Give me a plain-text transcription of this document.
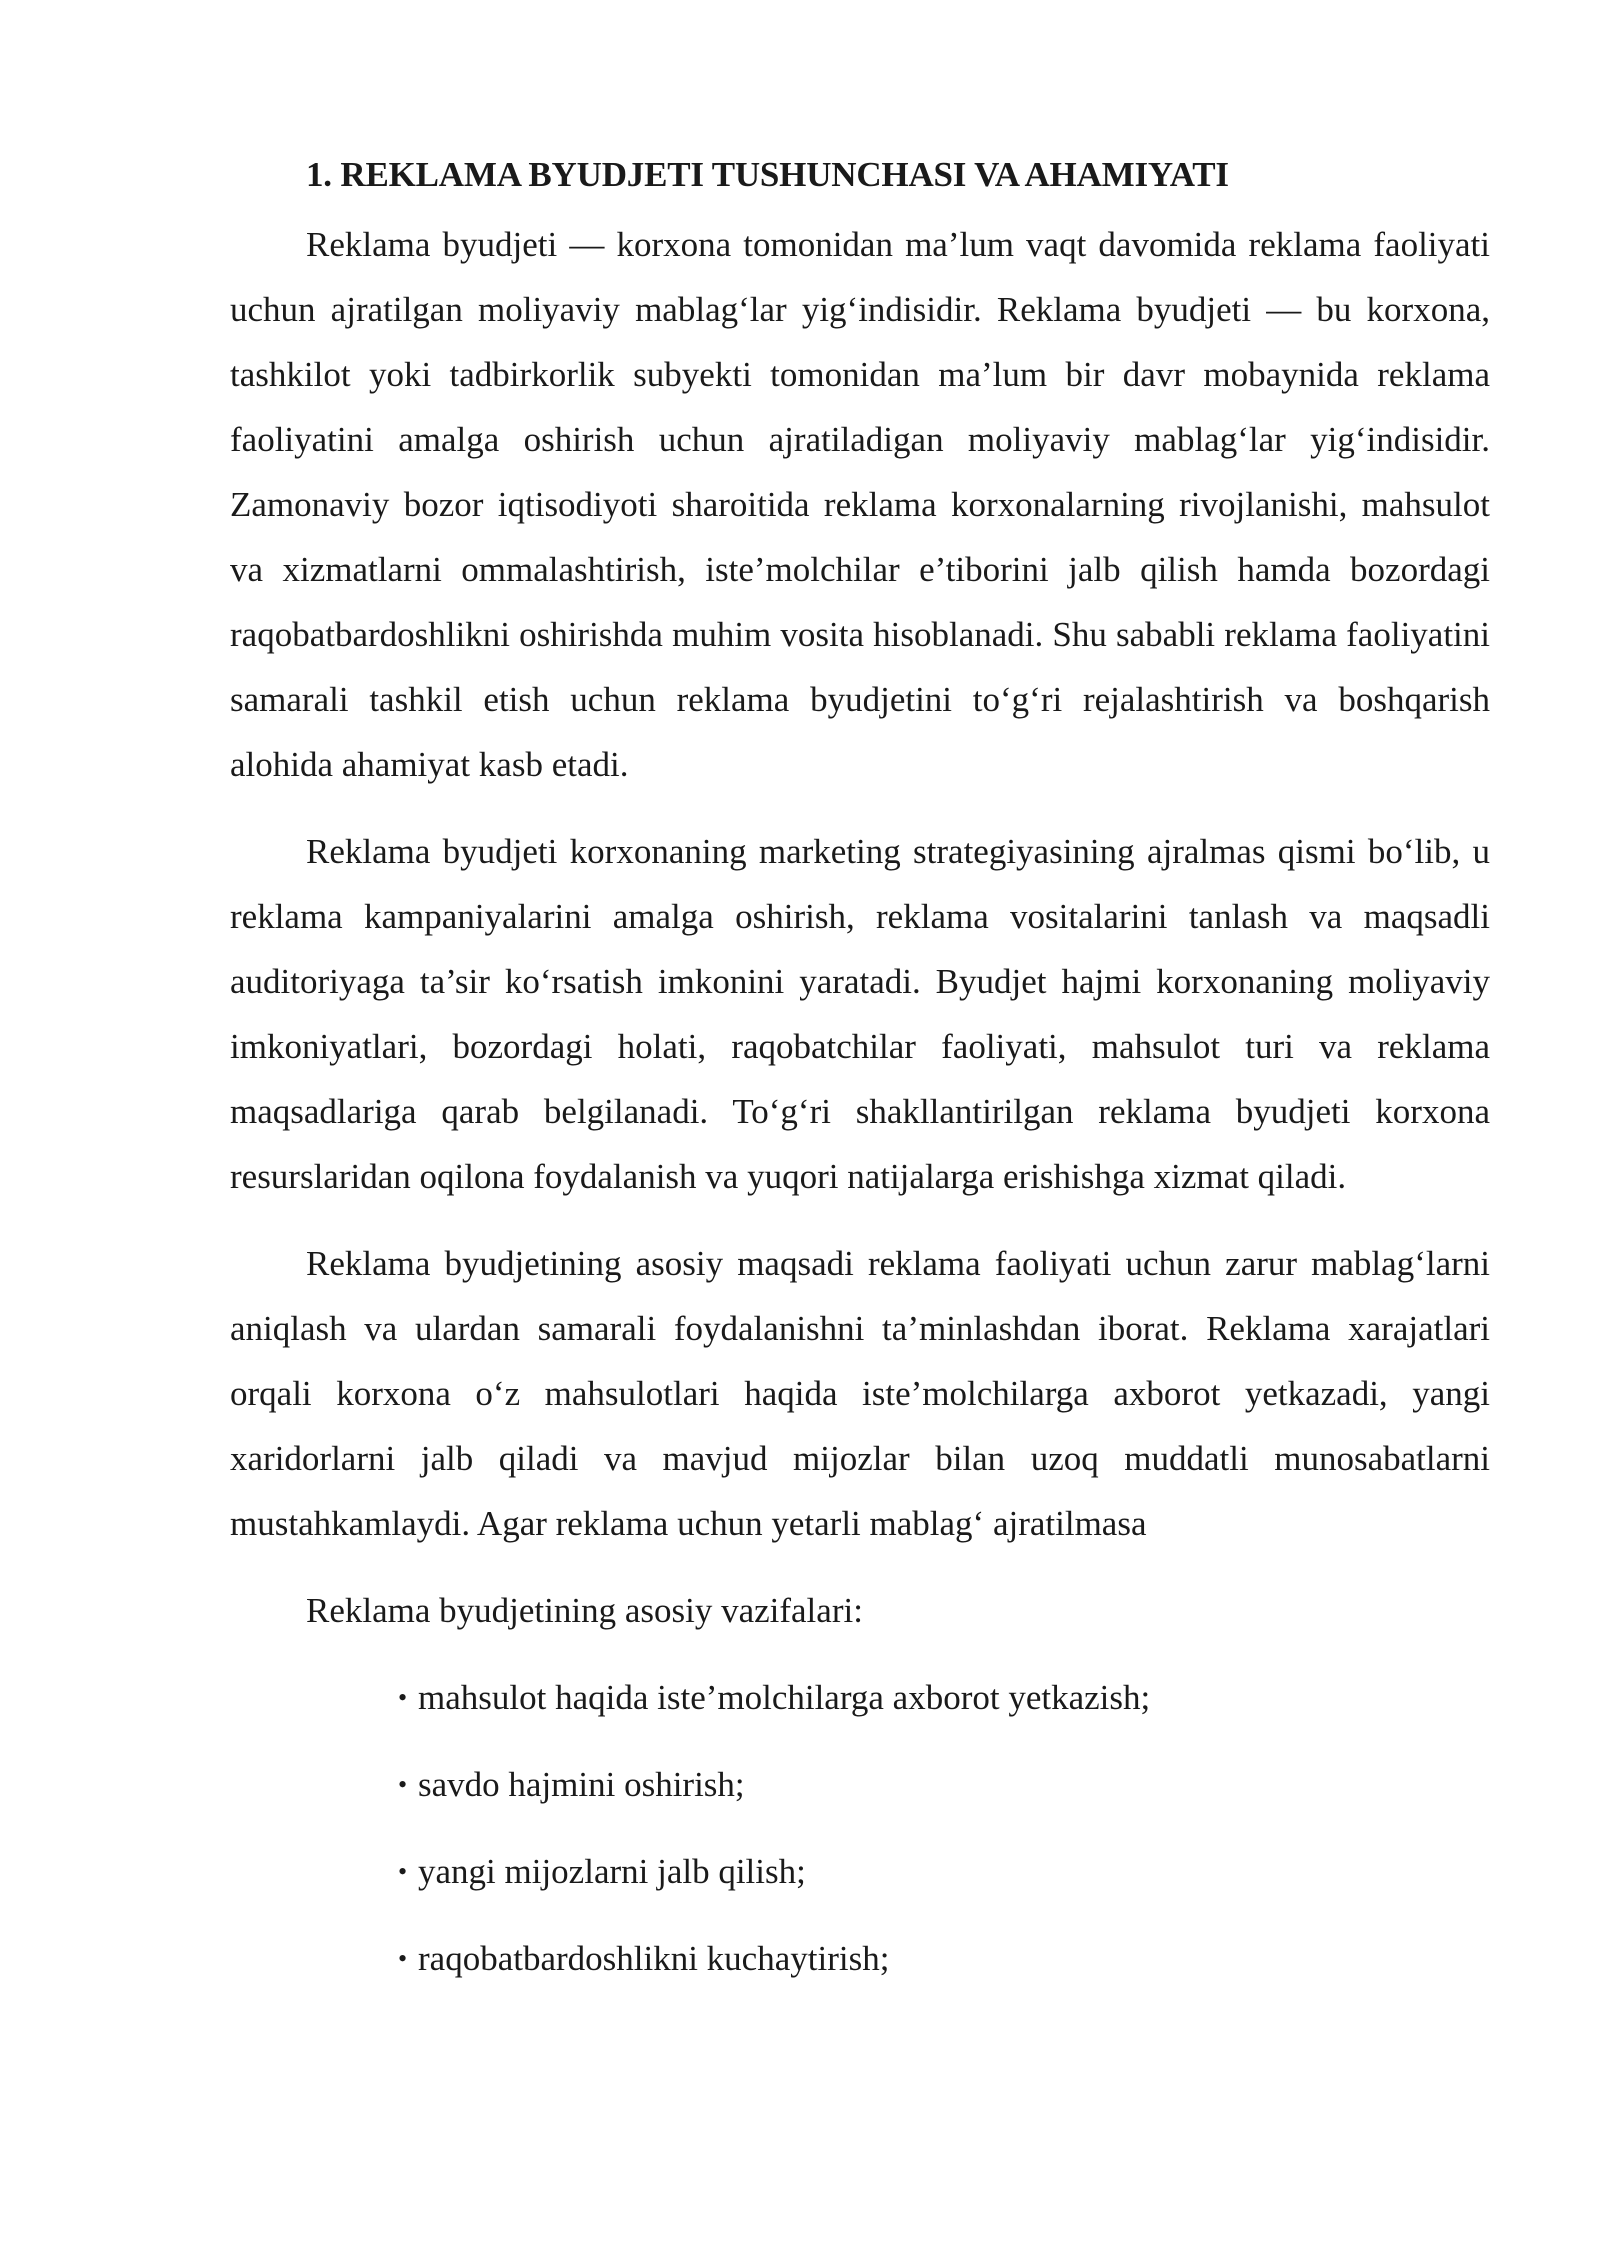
1. REKLAMA BYUDJETI TUSHUNCHASI VA AHAMIYATI

Reklama byudjeti — korxona tomonidan ma’lum vaqt davomida reklama faoliyati uchun ajratilgan moliyaviy mablag‘lar yig‘indisidir. Reklama byudjeti — bu korxona, tashkilot yoki tadbirkorlik subyekti tomonidan ma’lum bir davr mobaynida reklama faoliyatini amalga oshirish uchun ajratiladigan moliyaviy mablag‘lar yig‘indisidir. Zamonaviy bozor iqtisodiyoti sharoitida reklama korxonalarning rivojlanishi, mahsulot va xizmatlarni ommalashtirish, iste’molchilar e’tiborini jalb qilish hamda bozordagi raqobatbardoshlikni oshirishda muhim vosita hisoblanadi. Shu sababli reklama faoliyatini samarali tashkil etish uchun reklama byudjetini to‘g‘ri rejalashtirish va boshqarish alohida ahamiyat kasb etadi.

Reklama byudjeti korxonaning marketing strategiyasining ajralmas qismi bo‘lib, u reklama kampaniyalarini amalga oshirish, reklama vositalarini tanlash va maqsadli auditoriyaga ta’sir ko‘rsatish imkonini yaratadi. Byudjet hajmi korxonaning moliyaviy imkoniyatlari, bozordagi holati, raqobatchilar faoliyati, mahsulot turi va reklama maqsadlariga qarab belgilanadi. To‘g‘ri shakllantirilgan reklama byudjeti korxona resurslaridan oqilona foydalanish va yuqori natijalarga erishishga xizmat qiladi.

Reklama byudjetining asosiy maqsadi reklama faoliyati uchun zarur mablag‘larni aniqlash va ulardan samarali foydalanishni ta’minlashdan iborat. Reklama xarajatlari orqali korxona o‘z mahsulotlari haqida iste’molchilarga axborot yetkazadi, yangi xaridorlarni jalb qiladi va mavjud mijozlar bilan uzoq muddatli munosabatlarni mustahkamlaydi. Agar reklama uchun yetarli mablag‘ ajratilmasa

Reklama byudjetining asosiy vazifalari:

• mahsulot haqida iste’molchilarga axborot yetkazish;
• savdo hajmini oshirish;
• yangi mijozlarni jalb qilish;
• raqobatbardoshlikni kuchaytirish;
